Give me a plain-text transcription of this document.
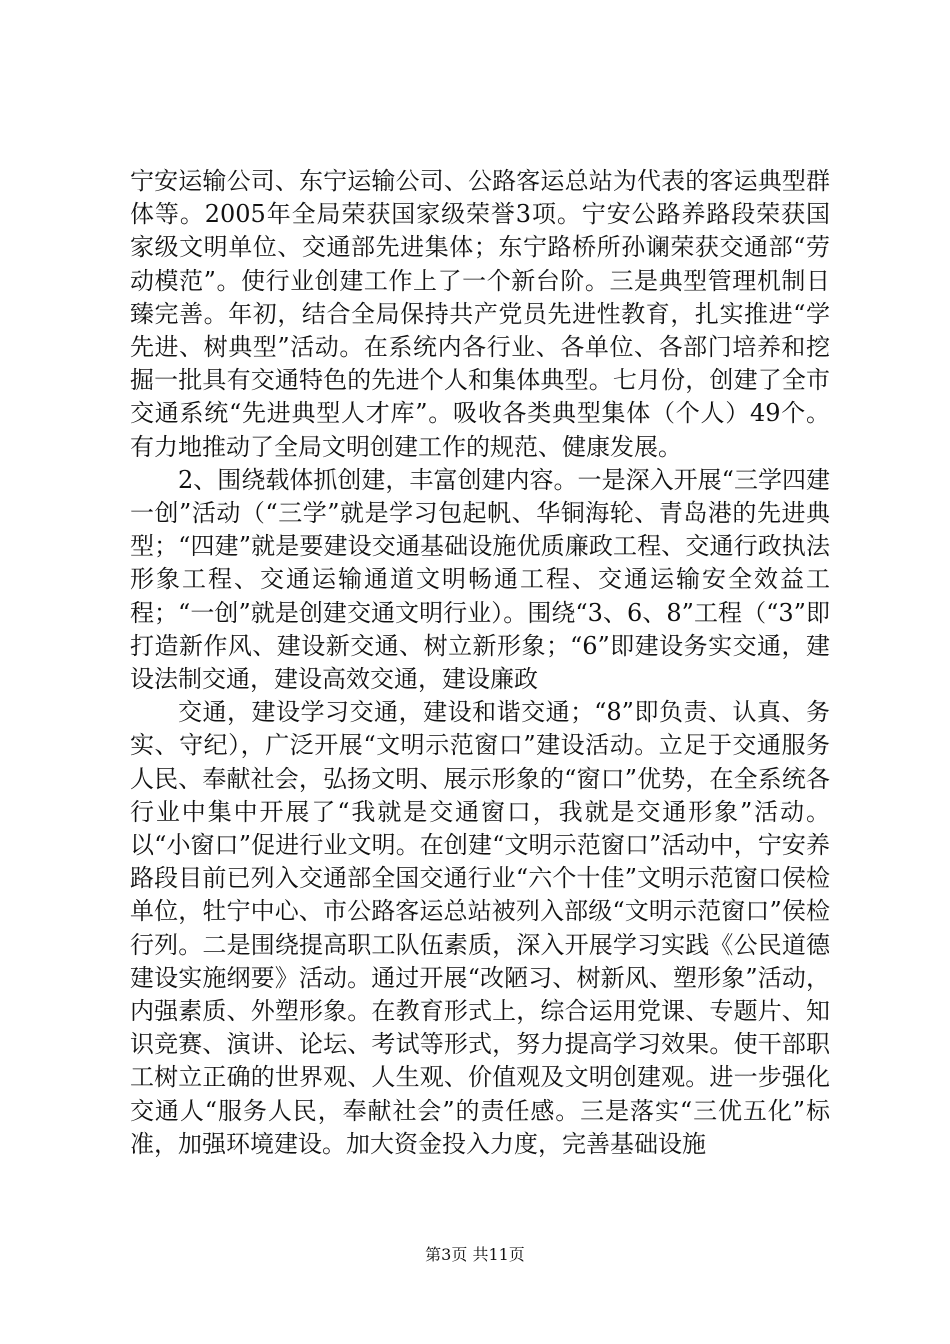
宁安运输公司、东宁运输公司、公路客运总站为代表的客运典型群体等。2005年全局荣获国家级荣誉3项。宁安公路养路段荣获国家级文明单位、交通部先进集体；东宁路桥所孙谰荣获交通部“劳动模范”。使行业创建工作上了一个新台阶。三是典型管理机制日臻完善。年初，结合全局保持共产党员先进性教育，扎实推进“学先进、树典型”活动。在系统内各行业、各单位、各部门培养和挖掘一批具有交通特色的先进个人和集体典型。七月份，创建了全市交通系统“先进典型人才库”。吸收各类典型集体（个人）49个。有力地推动了全局文明创建工作的规范、健康发展。

2、围绕载体抓创建，丰富创建内容。一是深入开展“三学四建一创”活动（“三学”就是学习包起帆、华铜海轮、青岛港的先进典型；“四建”就是要建设交通基础设施优质廉政工程、交通行政执法形象工程、交通运输通道文明畅通工程、交通运输安全效益工程；“一创”就是创建交通文明行业）。围绕“3、6、8”工程（“3”即打造新作风、建设新交通、树立新形象；“6”即建设务实交通，建设法制交通，建设高效交通，建设廉政

交通，建设学习交通，建设和谐交通；“8”即负责、认真、务实、守纪），广泛开展“文明示范窗口”建设活动。立足于交通服务人民、奉献社会，弘扬文明、展示形象的“窗口”优势，在全系统各行业中集中开展了“我就是交通窗口，我就是交通形象”活动。以“小窗口”促进行业文明。在创建“文明示范窗口”活动中，宁安养路段目前已列入交通部全国交通行业“六个十佳”文明示范窗口侯检单位，牡宁中心、市公路客运总站被列入部级“文明示范窗口”侯检行列。二是围绕提高职工队伍素质，深入开展学习实践《公民道德建设实施纲要》活动。通过开展“改陋习、树新风、塑形象”活动，内强素质、外塑形象。在教育形式上，综合运用党课、专题片、知识竞赛、演讲、论坛、考试等形式，努力提高学习效果。使干部职工树立正确的世界观、人生观、价值观及文明创建观。进一步强化交通人“服务人民，奉献社会”的责任感。三是落实“三优五化”标准，加强环境建设。加大资金投入力度，完善基础设施

第3页 共11页
